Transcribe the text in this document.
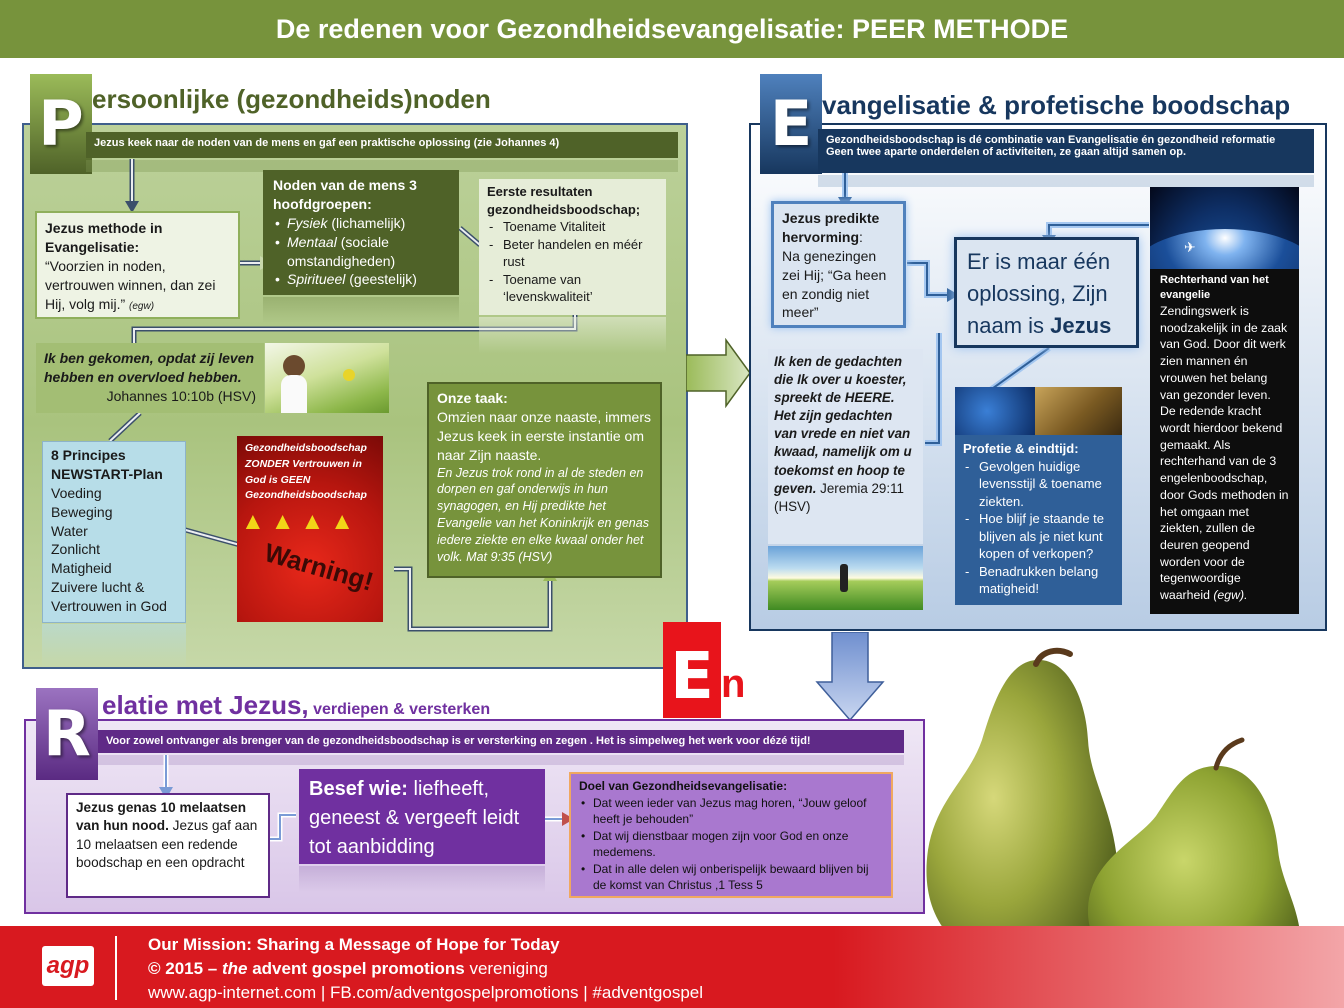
De redenen voor Gezondheidsevangelisatie: PEER METHODE
P ersoonlijke (gezondheids)noden
Jezus keek naar de noden van de mens en gaf een praktische oplossing (zie Johannes 4)
Jezus methode in Evangelisatie:
“Voorzien in noden, vertrouwen winnen, dan zei Hij, volg mij.” (egw)
Noden van de mens 3 hoofdgroepen:
• Fysiek (lichamelijk)
• Mentaal (sociale omstandigheden)
• Spiritueel (geestelijk)
Eerste resultaten gezondheidsboodschap;
- Toename Vitaliteit
- Beter handelen en méér rust
- Toename van ‘levenskwaliteit’
Ik ben gekomen, opdat zij leven hebben en overvloed hebben.
Johannes 10:10b (HSV)
8 Principes NEWSTART-Plan
Voeding
Beweging
Water
Zonlicht
Matigheid
Zuivere lucht &
Vertrouwen in God
Gezondheidsboodschap ZONDER Vertrouwen in God is GEEN Gezondheidsboodschap
▲▲▲▲
Warning!
Onze taak:
Omzien naar onze naaste, immers Jezus keek in eerste instantie om naar Zijn naaste.
En Jezus trok rond in al de steden en dorpen en gaf onderwijs in hun synagogen, en Hij predikte het Evangelie van het Koninkrijk en genas iedere ziekte en elke kwaal onder het volk. Mat 9:35 (HSV)
E vangelisatie & profetische boodschap
Gezondheidsboodschap is dé combinatie van Evangelisatie én gezondheid reformatie
Geen twee aparte onderdelen of activiteiten, ze gaan altijd samen op.
Jezus predikte hervorming:
Na genezingen zei Hij; “Ga heen en zondig niet meer”
Er is maar één oplossing, Zijn naam is Jezus
✈
Rechterhand van het evangelie
Zendingswerk is noodzakelijk in de zaak van God. Door dit werk zien mannen én vrouwen het belang van gezonder leven. De redende kracht wordt hierdoor bekend gemaakt. Als rechterhand van de 3 engelenboodschap, door Gods methoden in het omgaan met ziekten, zullen de deuren geopend worden voor de tegenwoordige waarheid (egw).
Ik ken de gedachten die Ik over u koester, spreekt de HEERE. Het zijn gedachten van vrede en niet van kwaad, namelijk om u toekomst en hoop te geven. Jeremia 29:11 (HSV)
Profetie & eindtijd:
- Gevolgen huidige levensstijl & toename ziekten.
- Hoe blijf je staande te blijven als je niet kunt kopen of verkopen?
- Benadrukken belang matigheid!
E n
R elatie met Jezus, verdiepen & versterken
Voor zowel ontvanger als brenger van de gezondheidsboodschap is er versterking en zegen . Het is simpelweg het werk voor dézé tijd!
Jezus genas 10 melaatsen van hun nood. Jezus gaf aan 10 melaatsen een redende boodschap en een opdracht
Besef wie: liefheeft, geneest & vergeeft leidt tot aanbidding
Doel van Gezondheidsevangelisatie:
• Dat ween ieder van Jezus mag horen, “Jouw geloof heeft je behouden”
• Dat wij dienstbaar mogen zijn voor God en onze medemens.
• Dat in alle delen wij onberispelijk bewaard blijven bij de komst van Christus ,1 Tess 5
agp
Our Mission: Sharing a Message of Hope for Today
© 2015 – the advent gospel promotions vereniging
www.agp-internet.com | FB.com/adventgospelpromotions | #adventgospel
